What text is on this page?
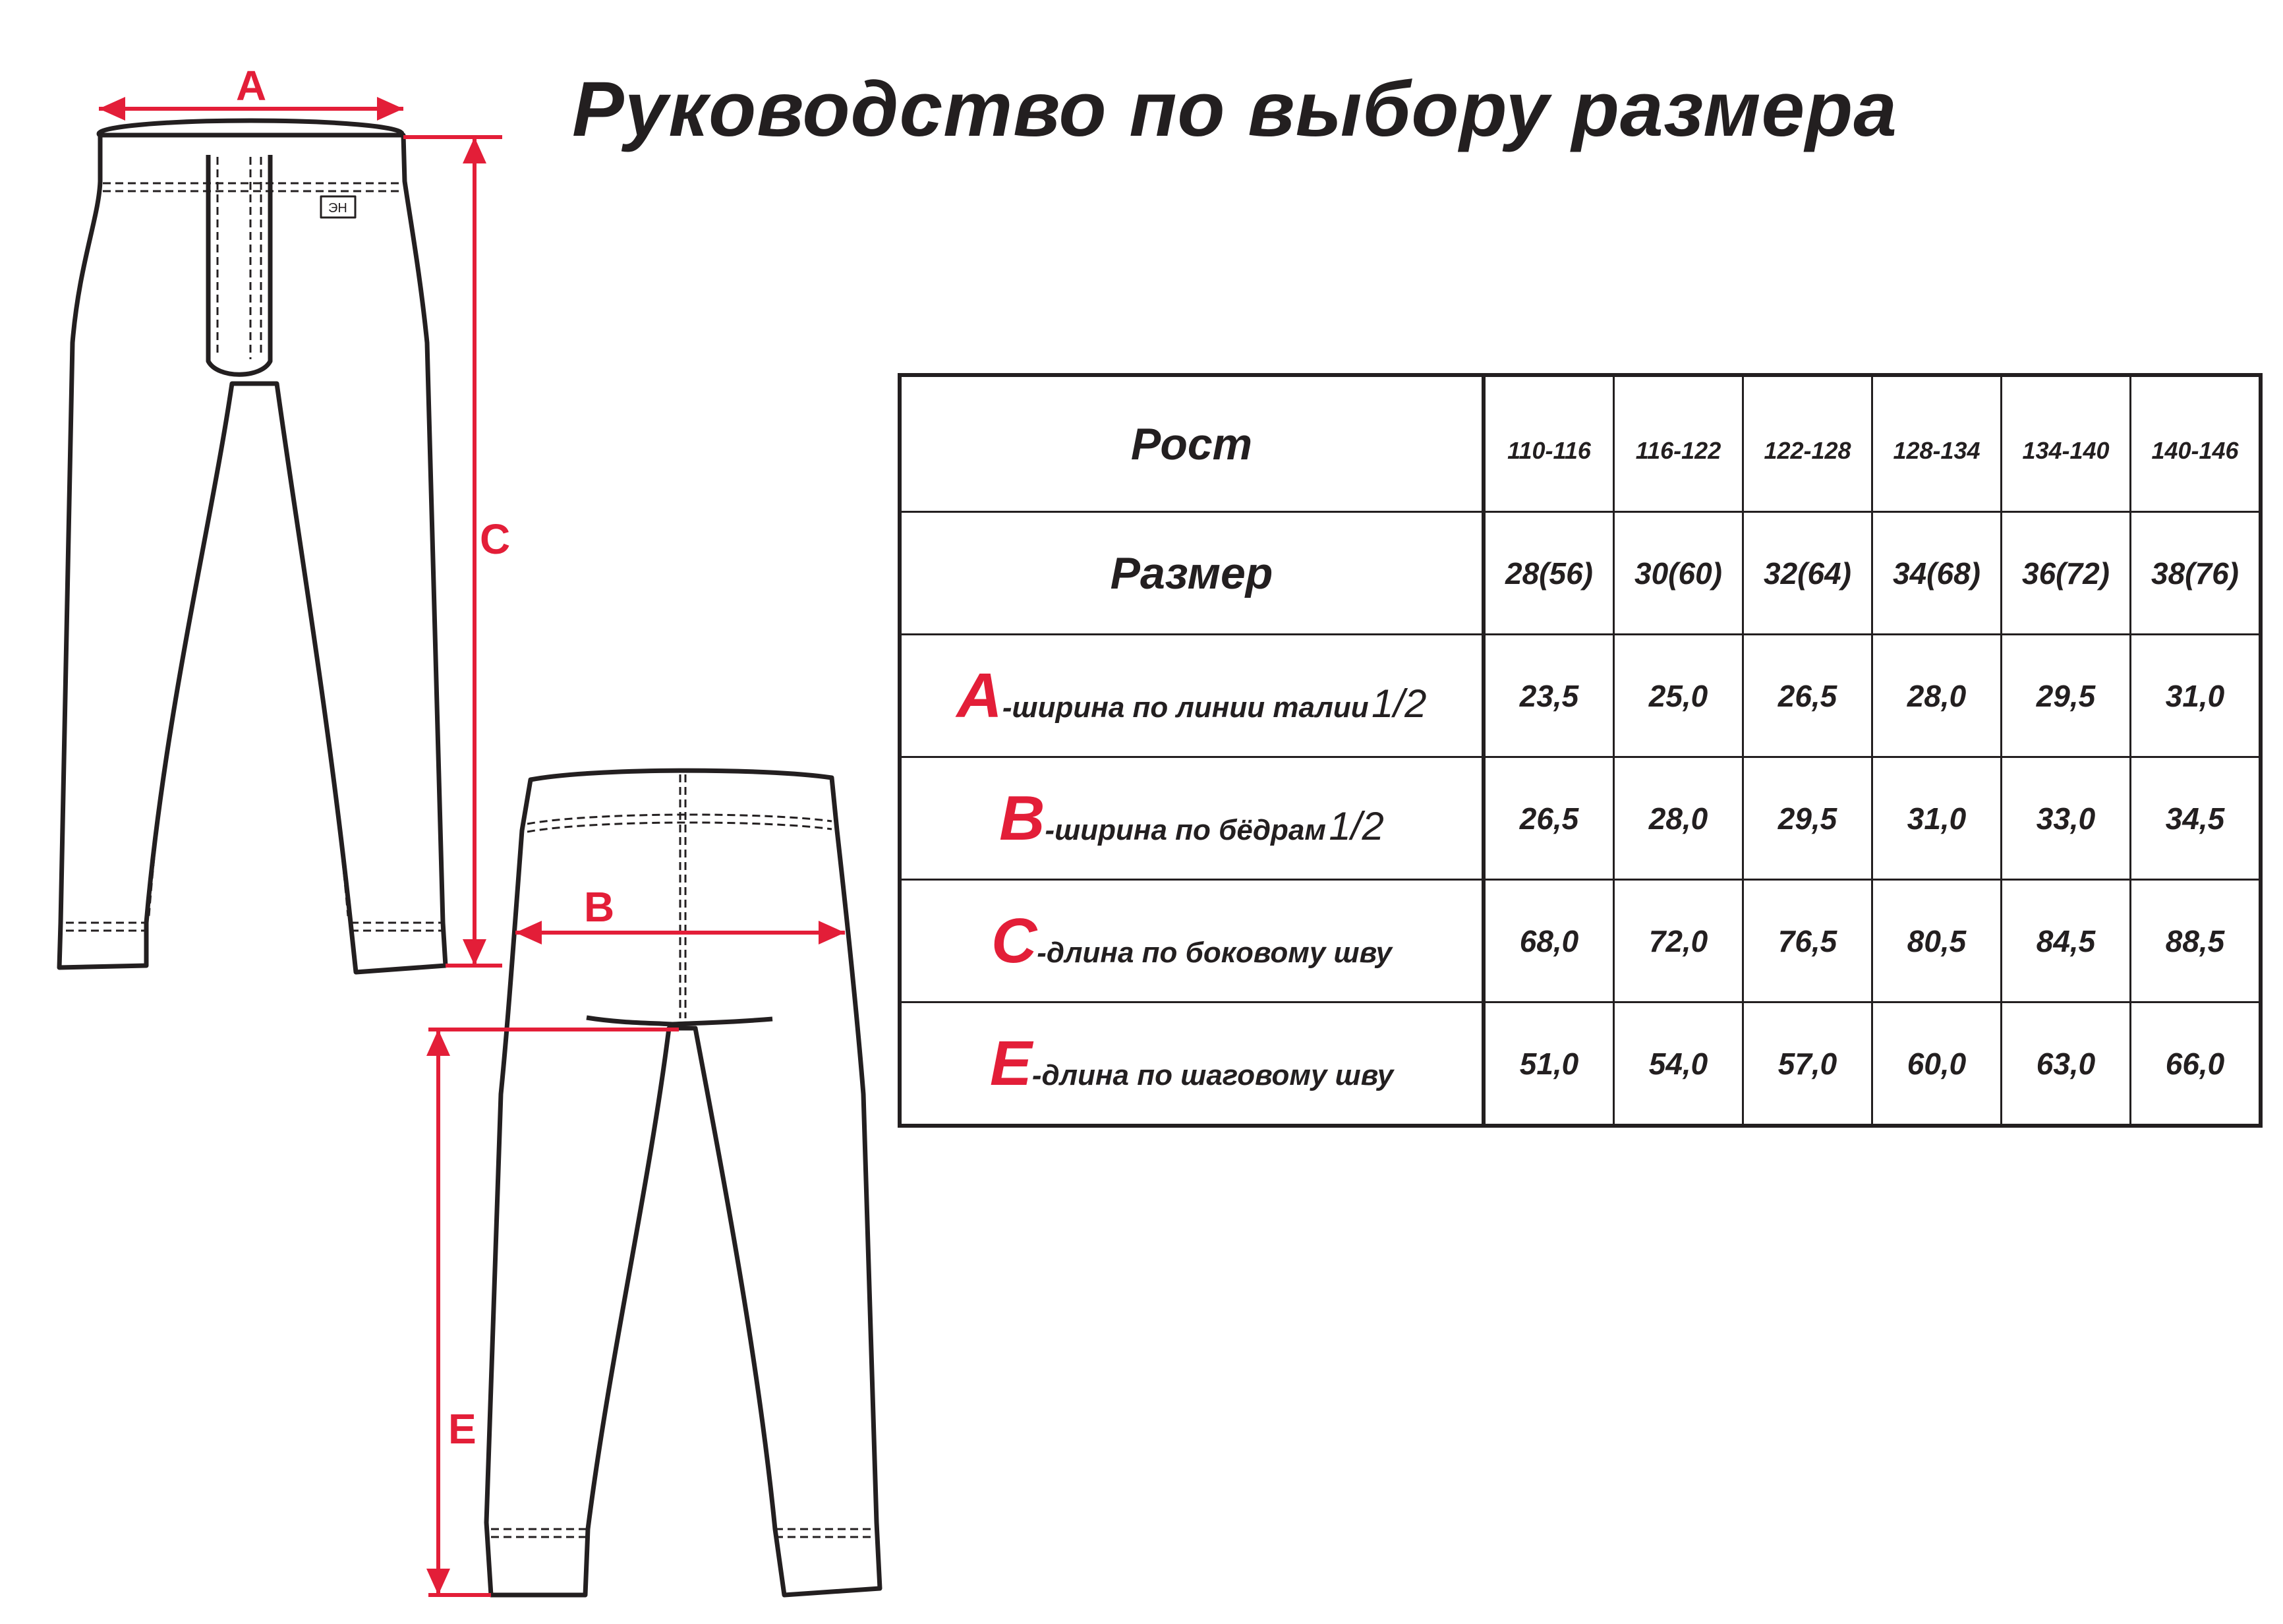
Руководство по выбору размера
A
C
B
E
ЭН
Рост	110-116	116-122	122-128	128-134	134-140	140-146
Размер	28(56)	30(60)	32(64)	34(68)	36(72)	38(76)
A-ширина по линии талии 1/2	23,5	25,0	26,5	28,0	29,5	31,0
B-ширина по бёдрам 1/2	26,5	28,0	29,5	31,0	33,0	34,5
C-длина по боковому шву	68,0	72,0	76,5	80,5	84,5	88,5
E-длина по шаговому шву	51,0	54,0	57,0	60,0	63,0	66,0
